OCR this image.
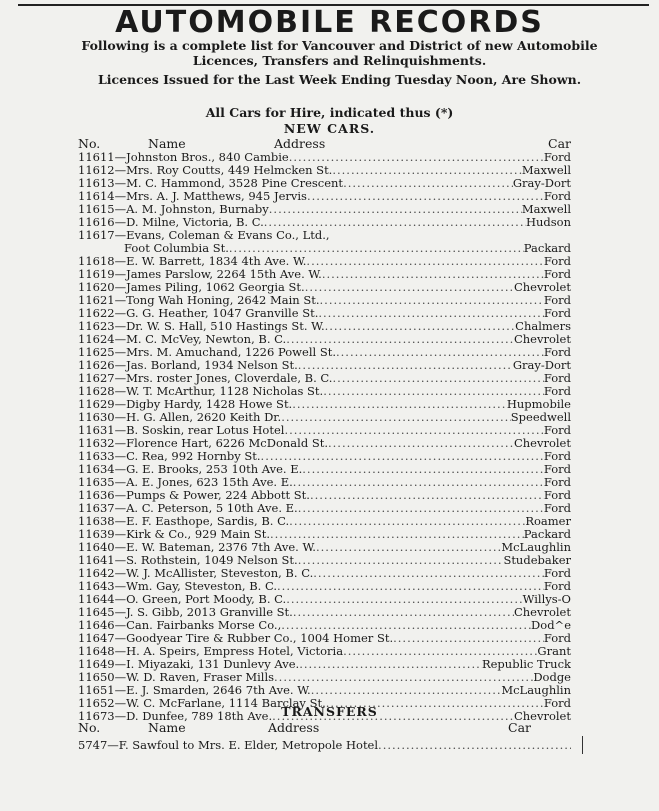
AUTOMOBILE RECORDS
Following is a complete list for Vancouver and District of new Automobile Licences, Transfers and Relinquishments.
Licences Issued for the Last Week Ending Tuesday Noon, Are Shown.
All Cars for Hire, indicated thus (*)
NEW CARS.
No.	Name	Address	Car
11611—Johnston Bros., 840 Cambie .....	Ford
11612—Mrs. Roy Coutts, 449 Helmcken St. .....	Maxwell
11613—M. C. Hammond, 3528 Pine Crescent .....	Gray-Dort
11614—Mrs. A. J. Matthews, 945 Jervis .....	Ford
11615—A. M. Johnston, Burnaby .....	Maxwell
11616—D. Milne, Victoria, B. C. .....	Hudson
11617—Evans, Coleman & Evans Co., Ltd.,
Foot Columbia St. .....	Packard
11618—E. W. Barrett, 1834 4th Ave. W. .....	Ford
11619—James Parslow, 2264 15th Ave. W. .....	Ford
11620—James Piling, 1062 Georgia St. .....	Chevrolet
11621—Tong Wah Honing, 2642 Main St. .....	Ford
11622—G. G. Heather, 1047 Granville St. .....	Ford
11623—Dr. W. S. Hall, 510 Hastings St. W. .....	Chalmers
11624—M. C. McVey, Newton, B. C. .....	Chevrolet
11625—Mrs. M. Amuchand, 1226 Powell St. .....	Ford
11626—Jas. Borland, 1934 Nelson St. .....	Gray-Dort
11627—Mrs. roster Jones, Cloverdale, B. C. .....	Ford
11628—W. T. McArthur, 1128 Nicholas St. .....	Ford
11629—Digby Hardy, 1428 Howe St. .....	Hupmobile
11630—H. G. Allen, 2620 Keith Dr. .....	Speedwell
11631—B. Soskin, rear Lotus Hotel .....	Ford
11632—Florence Hart, 6226 McDonald St. .....	Chevrolet
11633—C. Rea, 992 Hornby St. .....	Ford
11634—G. E. Brooks, 253 10th Ave. E. .....	Ford
11635—A. E. Jones, 623 15th Ave. E. .....	Ford
11636—Pumps & Power, 224 Abbott St. .....	Ford
11637—A. C. Peterson, 5 10th Ave. E. .....	Ford
11638—E. F. Easthope, Sardis, B. C. .....	Roamer
11639—Kirk & Co., 929 Main St. .....	Packard
11640—E. W. Bateman, 2376 7th Ave. W. .....	McLaughlin
11641—S. Rothstein, 1049 Nelson St. .....	Studebaker
11642—W. J. McAllister, Steveston, B. C. .....	Ford
11643—Wm. Gay, Steveston, B. C. .....	Ford
11644—O. Green, Port Moody, B. C. .....	Willys-O
11645—J. S. Gibb, 2013 Granville St. .....	Chevrolet
11646—Can. Fairbanks Morse Co., .....	Dod^e
11647—Goodyear Tire & Rubber Co., 1004 Homer St. .....	Ford
11648—H. A. Speirs, Empress Hotel, Victoria .....	Grant
11649—I. Miyazaki, 131 Dunlevy Ave. .....	Republic Truck
11650—W. D. Raven, Fraser Mills .....	Dodge
11651—E. J. Smarden, 2646 7th Ave. W. .....	McLaughlin
11652—W. C. McFarlane, 1114 Barclay St. .....	Ford
11673—D. Dunfee, 789 18th Ave. .....	Chevrolet
TRANSFERS
No.	Name	Address	Car
5747—F. Sawfoul to Mrs. E. Elder, Metropole Hotel
.....
